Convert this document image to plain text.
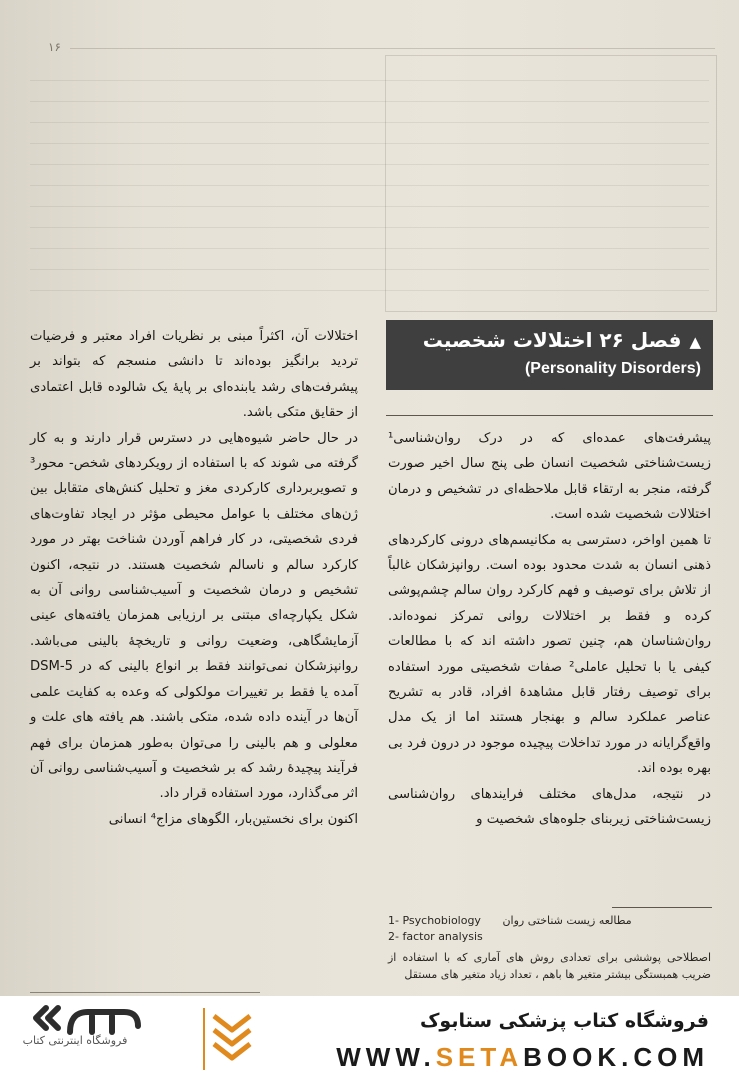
۱۶
▲فصل ۲۶ اختلالات شخصیت
(Personality Disorders)

پیشرفت‌های عمده‌ای که در درک روان‌شناسی¹ زیست‌شناختی شخصیت انسان طی پنج سال اخیر صورت گرفته، منجر به ارتقاء قابل ملاحظه‌ای در تشخیص و درمان اختلالات شخصیت شده است.

تا همین اواخر، دسترسی به مکانیسم‌های درونی کارکردهای ذهنی انسان به شدت محدود بوده است. روانپزشکان غالباً از تلاش برای توصیف و فهم کارکرد روان سالم چشم‌پوشی کرده و فقط بر اختلالات روانی تمرکز نموده‌اند. روان‌شناسان هم، چنین تصور داشته اند که با مطالعات کیفی یا با تحلیل عاملی² صفات شخصیتی مورد استفاده برای توصیف رفتار قابل مشاهدهٔ افراد، قادر به تشریح عناصر عملکرد سالم و بهنجار هستند اما از یک مدل واقع‌گرایانه در مورد تداخلات پیچیده موجود در درون فرد بی بهره بوده اند.

در نتیجه، مدل‌های مختلف فرایندهای روان‌شناسی زیست‌شناختی زیربنای جلوه‌های شخصیت و

اختلالات آن، اکثراً مبنی بر نظریات افراد معتبر و فرضیات تردید برانگیز بوده‌اند تا دانشی منسجم که بتواند بر پیشرفت‌های رشد یابنده‌ای بر پایهٔ یک شالوده قابل اعتمادی از حقایق متکی باشد.

در حال حاضر شیوه‌هایی در دسترس قرار دارند و به کار گرفته می شوند که با استفاده از رویکردهای شخص- محور³ و تصویربرداری کارکردی مغز و تحلیل کنش‌های متقابل بین ژن‌های مختلف با عوامل محیطی مؤثر در ایجاد تفاوت‌های فردی شخصیتی، در کار فراهم آوردن شناخت بهتر در مورد کارکرد سالم و ناسالم شخصیت هستند. در نتیجه، اکنون تشخیص و درمان شخصیت و آسیب‌شناسی روانی آن به شکل یکپارچه‌ای مبتنی بر ارزیابی همزمان یافته‌های عینی آزمایشگاهی، وضعیت روانی و تاریخچهٔ بالینی می‌باشد. روانپزشکان نمی‌توانند فقط بر انواع بالینی که در DSM-5 آمده یا فقط بر تغییرات مولکولی که وعده به کفایت علمی آن‌ها در آینده داده شده، متکی باشند. هم یافته های علت و معلولی و هم بالینی را می‌توان به‌طور همزمان برای فهم فرآیند پیچیدهٔ رشد که بر شخصیت و آسیب‌شناسی روانی آن اثر می‌گذارد، مورد استفاده قرار داد.

اکنون برای نخستین‌بار، الگوهای مزاج⁴ انسانی

1- Psychobiology مطالعه زیست شناختی روان
2- factor analysis
اصطلاحی پوششی برای تعدادی روش های آماری که با استفاده از ضریب همبستگی بیشتر متغیر ها باهم ، تعداد زیاد متغیر های مستقل
فروشگاه اینترنتی کتاب
فروشگاه کتاب پزشکی ستابوک
WWW.SETABOOK.COM
